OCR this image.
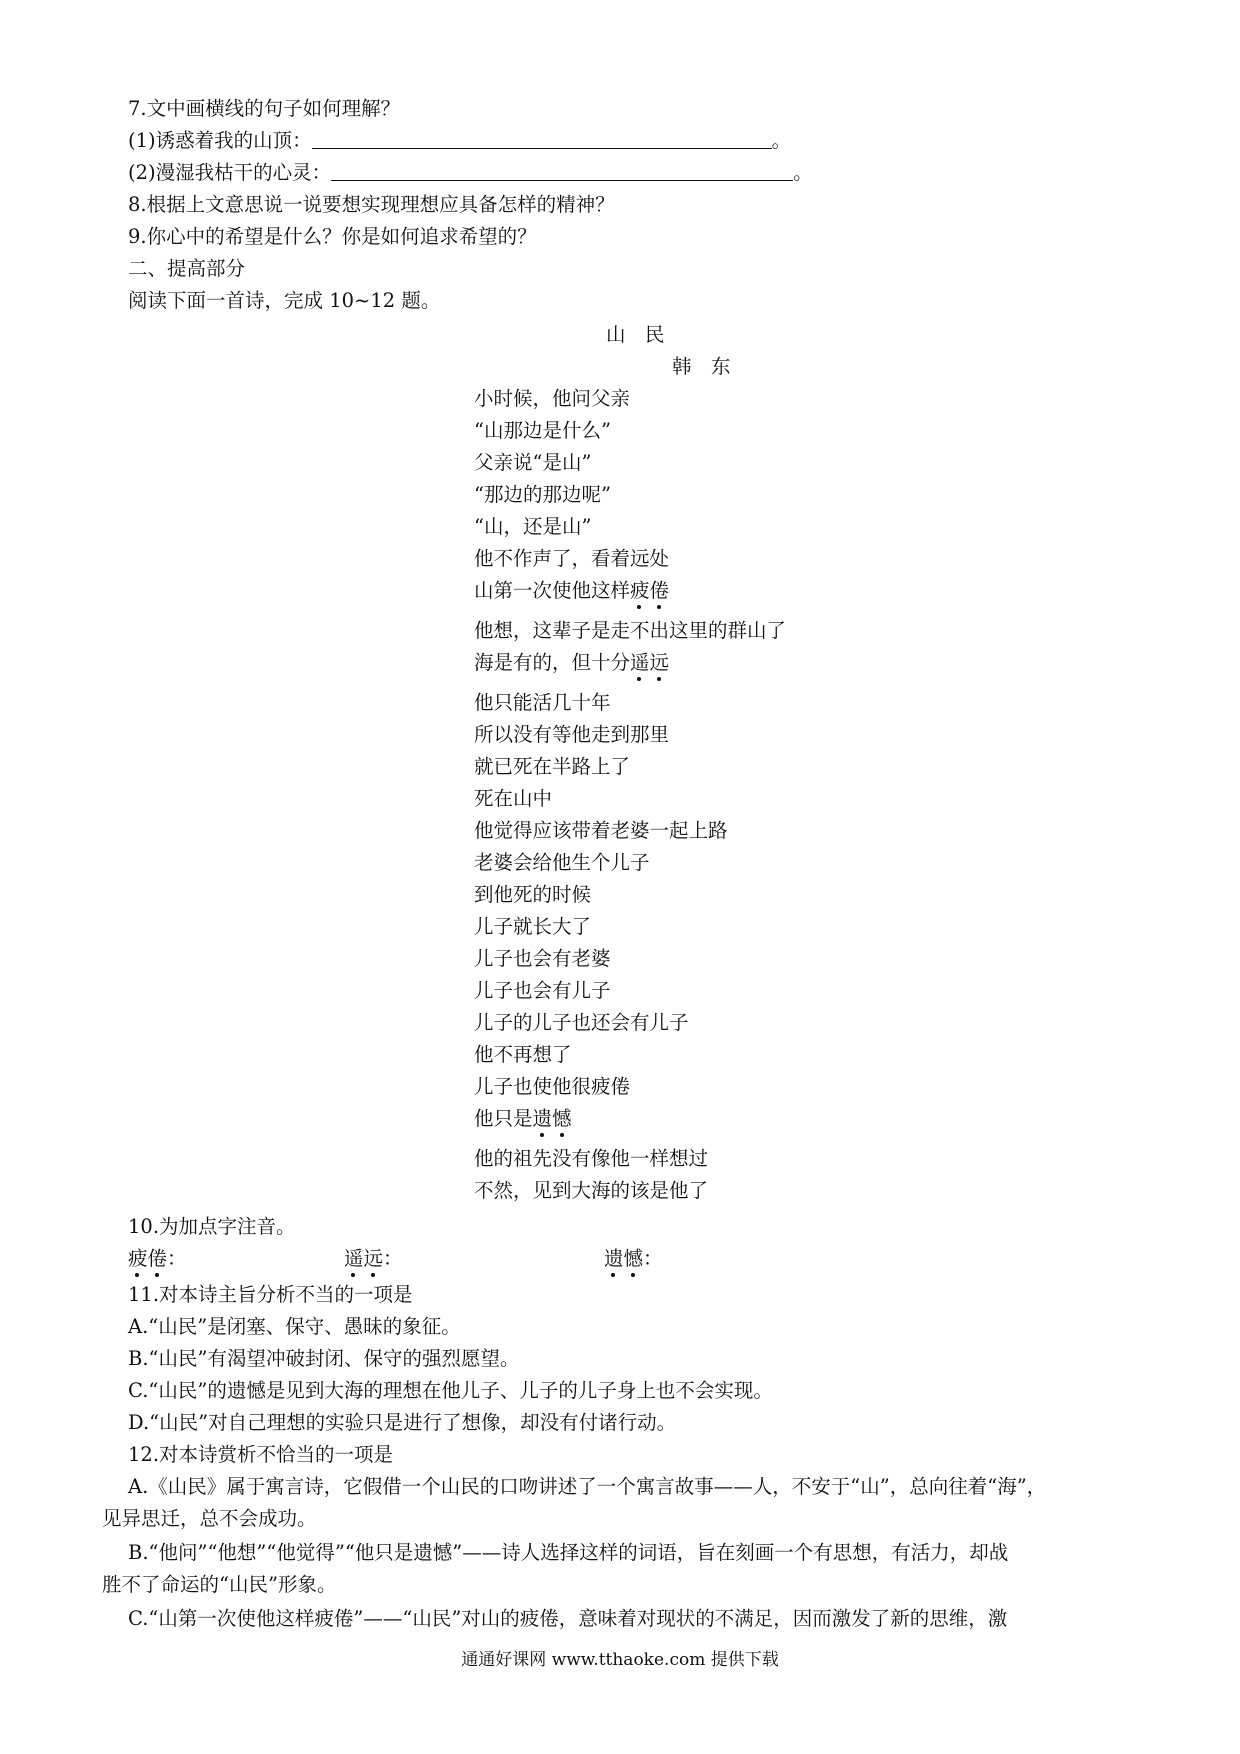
7.文中画横线的句子如何理解？
(1)诱惑着我的山顶：	。
(2)漫湿我枯干的心灵：	。
8.根据上文意思说一说要想实现理想应具备怎样的精神？
9.你心中的希望是什么？你是如何追求希望的？
二、提高部分
阅读下面一首诗，完成 10~12 题。
山　民
韩　东
小时候，他问父亲
“山那边是什么”
父亲说“是山”
“那边的那边呢”
“山，还是山”
他不作声了，看着远处
山第一次使他这样疲倦
他想，这辈子是走不出这里的群山了
海是有的，但十分遥远
他只能活几十年
所以没有等他走到那里
就已死在半路上了
死在山中
他觉得应该带着老婆一起上路
老婆会给他生个儿子
到他死的时候
儿子就长大了
儿子也会有老婆
儿子也会有儿子
儿子的儿子也还会有儿子
他不再想了
儿子也使他很疲倦
他只是遗憾
他的祖先没有像他一样想过
不然，见到大海的该是他了
10.为加点字注音。
疲倦
：	遥远
：	遗憾
：
11.对本诗主旨分析不当的一项是
A.“山民”是闭塞、保守、愚昧的象征。
B.“山民”有渴望冲破封闭、保守的强烈愿望。
C.“山民”的遗憾是见到大海的理想在他儿子、儿子的儿子身上也不会实现。
D.“山民”对自己理想的实验只是进行了想像，却没有付诸行动。
12.对本诗赏析不恰当的一项是
A.《山民》属于寓言诗，它假借一个山民的口吻讲述了一个寓言故事——人，不安于“山”，总向往着“海”，
见异思迁，总不会成功。
B.“他问”“他想”“他觉得”“他只是遗憾”——诗人选择这样的词语，旨在刻画一个有思想，有活力，却战
胜不了命运的“山民”形象。
C.“山第一次使他这样疲倦”——“山民”对山的疲倦，意味着对现状的不满足，因而激发了新的思维，激
通通好课网 www.tthaoke.com 提供下载
